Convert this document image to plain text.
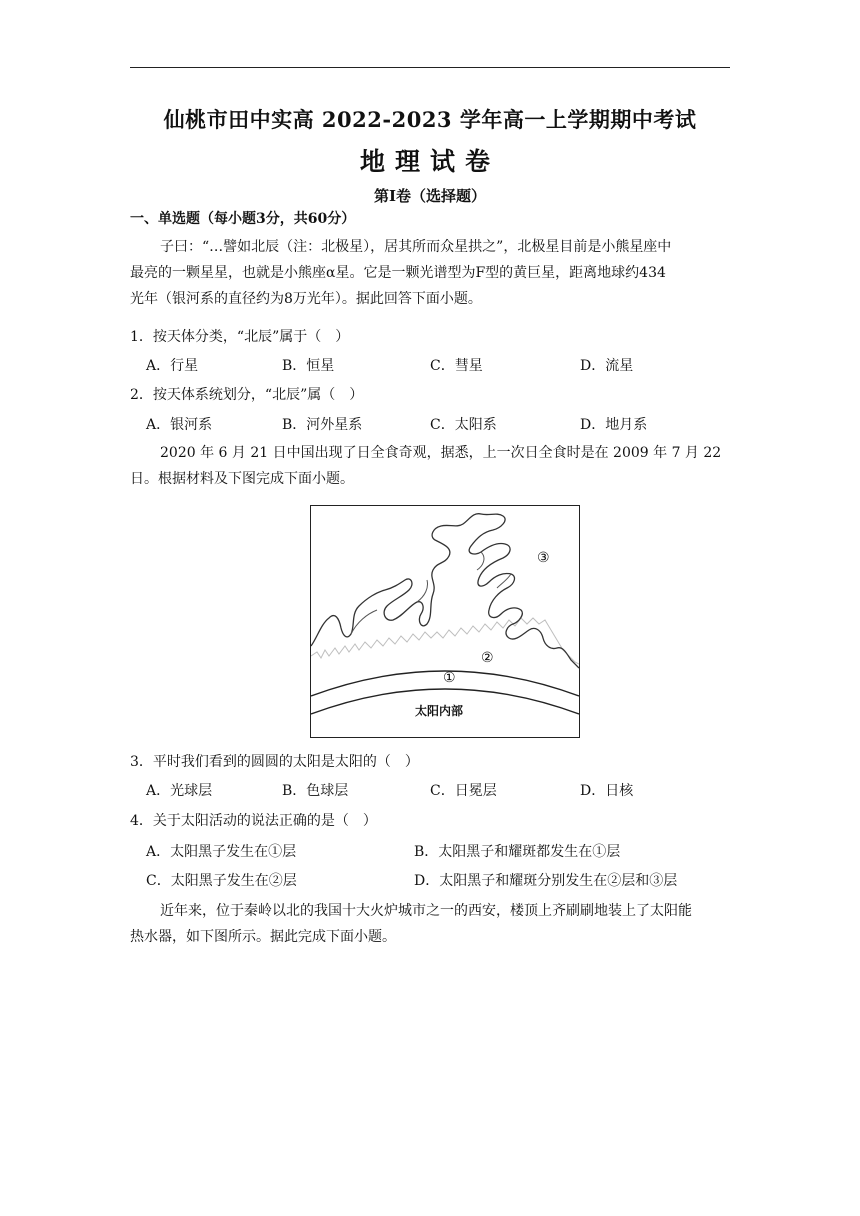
仙桃市田中实高 2022-2023 学年高一上学期期中考试
地理试卷
第Ⅰ卷（选择题）
一、单选题（每小题3分，共60分）
子曰：“…譬如北辰（注：北极星），居其所而众星拱之”，北极星目前是小熊星座中
最亮的一颗星星，也就是小熊座α星。它是一颗光谱型为F型的黄巨星，距离地球约434
光年（银河系的直径约为8万光年）。据此回答下面小题。
1．按天体分类，“北辰”属于（　）
A．行星	B．恒星	C．彗星	D．流星
2．按天体系统划分，“北辰”属（　）
A．银河系	B．河外星系	C．太阳系	D．地月系
2020 年 6 月 21 日中国出现了日全食奇观，据悉，上一次日全食时是在 2009 年 7 月 22
日。根据材料及下图完成下面小题。
③
②
①
太阳内部
3．平时我们看到的圆圆的太阳是太阳的（　）
A．光球层	B．色球层	C．日冕层	D．日核
4．关于太阳活动的说法正确的是（　）
A．太阳黑子发生在①层	B．太阳黑子和耀斑都发生在①层
C．太阳黑子发生在②层	D．太阳黑子和耀斑分别发生在②层和③层
近年来，位于秦岭以北的我国十大火炉城市之一的西安，楼顶上齐刷刷地装上了太阳能
热水器，如下图所示。据此完成下面小题。
